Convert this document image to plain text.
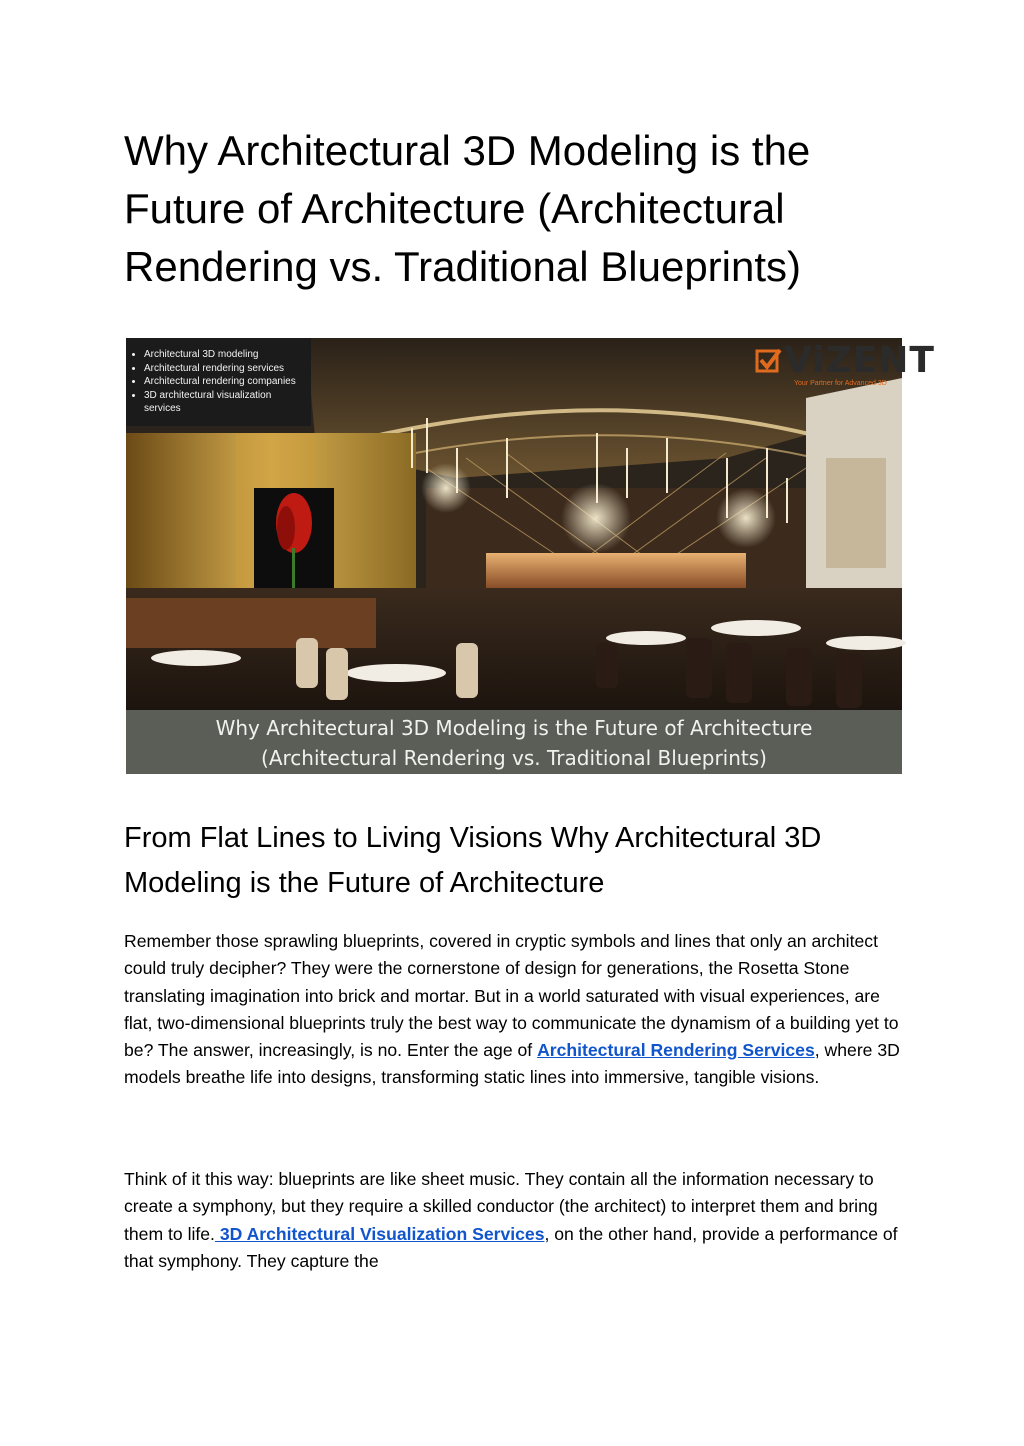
Why Architectural 3D Modeling is the Future of Architecture (Architectural Rendering vs. Traditional Blueprints)
• Architectural 3D modeling
• Architectural rendering services
• Architectural rendering companies
• 3D architectural visualization services
ViZENT
Your Partner for Advanced 3D
Why Architectural 3D Modeling is the Future of Architecture
(Architectural Rendering vs. Traditional Blueprints)
From Flat Lines to Living Visions Why Architectural 3D Modeling is the Future of Architecture

Remember those sprawling blueprints, covered in cryptic symbols and lines that only an architect could truly decipher? They were the cornerstone of design for generations, the Rosetta Stone translating imagination into brick and mortar. But in a world saturated with visual experiences, are flat, two-dimensional blueprints truly the best way to communicate the dynamism of a building yet to be? The answer, increasingly, is no. Enter the age of Architectural Rendering Services, where 3D models breathe life into designs, transforming static lines into immersive, tangible visions.

Think of it this way: blueprints are like sheet music. They contain all the information necessary to create a symphony, but they require a skilled conductor (the architect) to interpret them and bring them to life. 3D Architectural Visualization Services, on the other hand, provide a performance of that symphony. They capture the
